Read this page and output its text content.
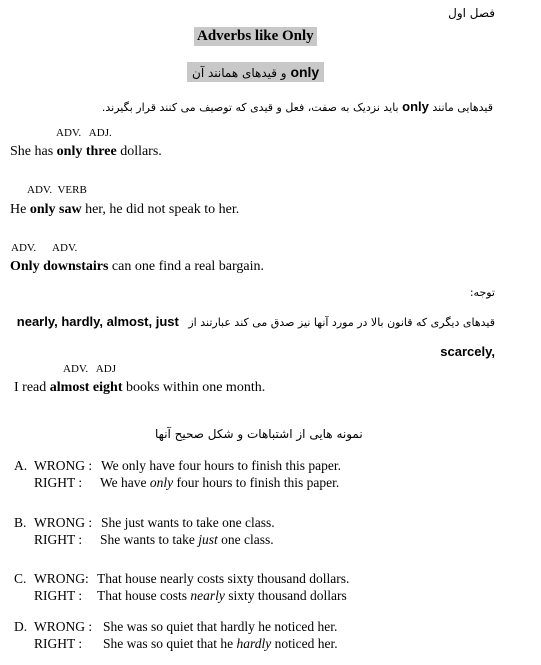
فصل اول
Adverbs like Only
only و قیدهای همانند آن
قیدهایی مانند only باید نزدیک به صفت، فعل و قیدی که توصیف می کنند قرار بگیرند.
ADV.   ADJ.
She has only three dollars.
ADV.  VERB
He only saw her, he did not speak to her.
ADV.      ADV.
Only downstairs can one find a real bargain.
توجه:
قیدهای دیگری که قانون بالا در مورد آنها نیز صدق می کند عبارتند از nearly, hardly, almost, just
scarcely,
ADV.   ADJ
I read almost eight books within one month.
نمونه هایی از اشتباهات و شکل صحیح آنها
A. WRONG : We only have four hours to finish this paper.
RIGHT : We have only four hours to finish this paper.
B. WRONG : She just wants to take one class.
RIGHT : She wants to take just one class.
C. WRONG: That house nearly costs sixty thousand dollars.
RIGHT : That house costs nearly sixty thousand dollars
D. WRONG : She was so quiet that hardly he noticed her.
RIGHT : She was so quiet that he hardly noticed her.
